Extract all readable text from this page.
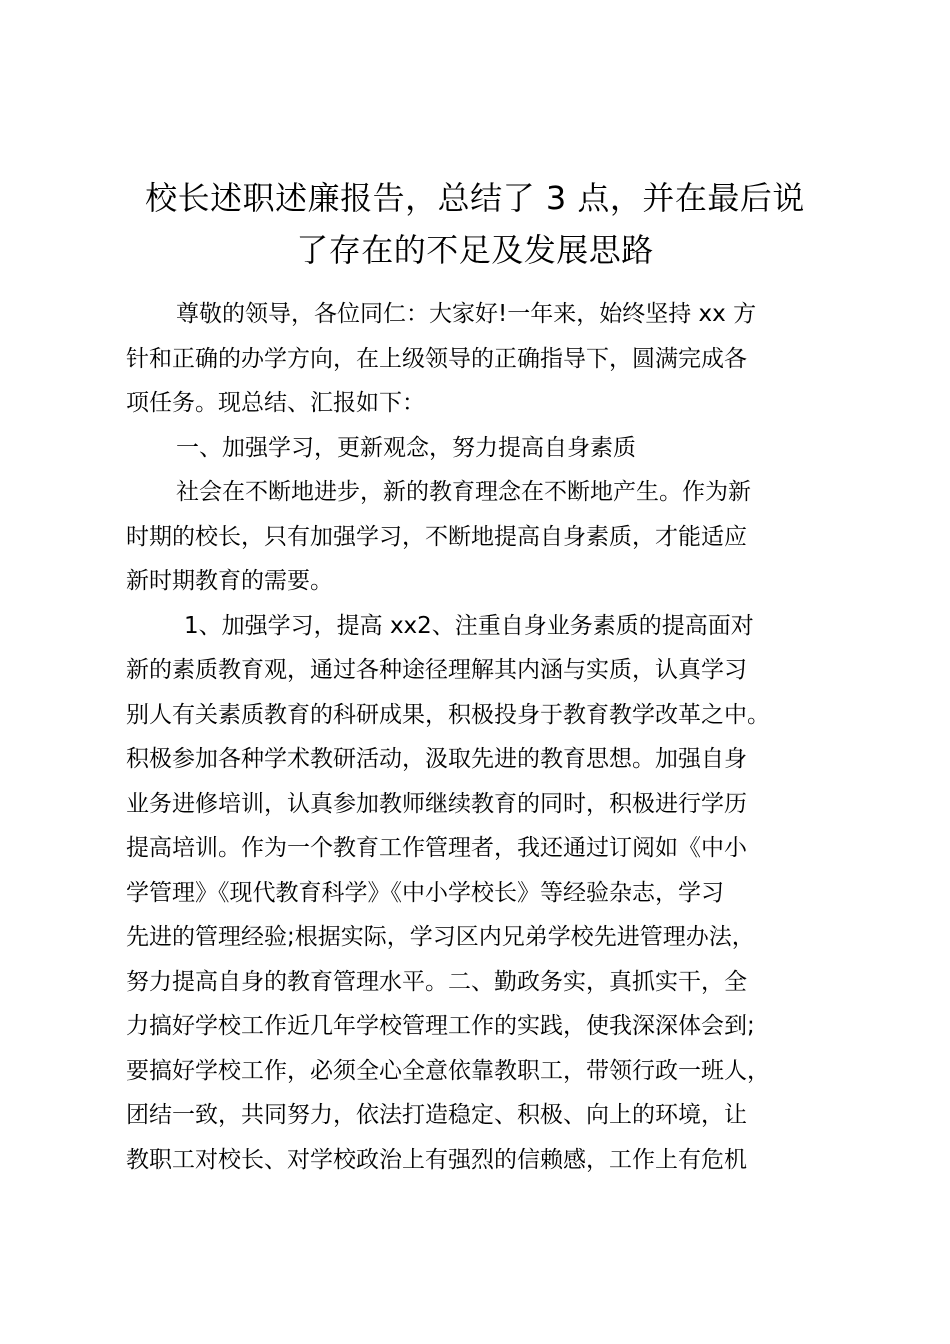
校长述职述廉报告，总结了 3 点，并在最后说
了存在的不足及发展思路
尊敬的领导，各位同仁：大家好!一年来，始终坚持 xx 方
针和正确的办学方向，在上级领导的正确指导下，圆满完成各
项任务。现总结、汇报如下：
一、加强学习，更新观念，努力提高自身素质
社会在不断地进步，新的教育理念在不断地产生。作为新
时期的校长，只有加强学习，不断地提高自身素质，才能适应
新时期教育的需要。
1、加强学习，提高 xx2、注重自身业务素质的提高面对
新的素质教育观，通过各种途径理解其内涵与实质，认真学习
别人有关素质教育的科研成果，积极投身于教育教学改革之中。
积极参加各种学术教研活动，汲取先进的教育思想。加强自身
业务进修培训，认真参加教师继续教育的同时，积极进行学历
提高培训。作为一个教育工作管理者，我还通过订阅如《中小
学管理》《现代教育科学》《中小学校长》等经验杂志，学习
先进的管理经验;根据实际，学习区内兄弟学校先进管理办法，
努力提高自身的教育管理水平。二、勤政务实，真抓实干，全
力搞好学校工作近几年学校管理工作的实践，使我深深体会到;
要搞好学校工作，必须全心全意依靠教职工，带领行政一班人，
团结一致，共同努力，依法打造稳定、积极、向上的环境，让
教职工对校长、对学校政治上有强烈的信赖感，工作上有危机
